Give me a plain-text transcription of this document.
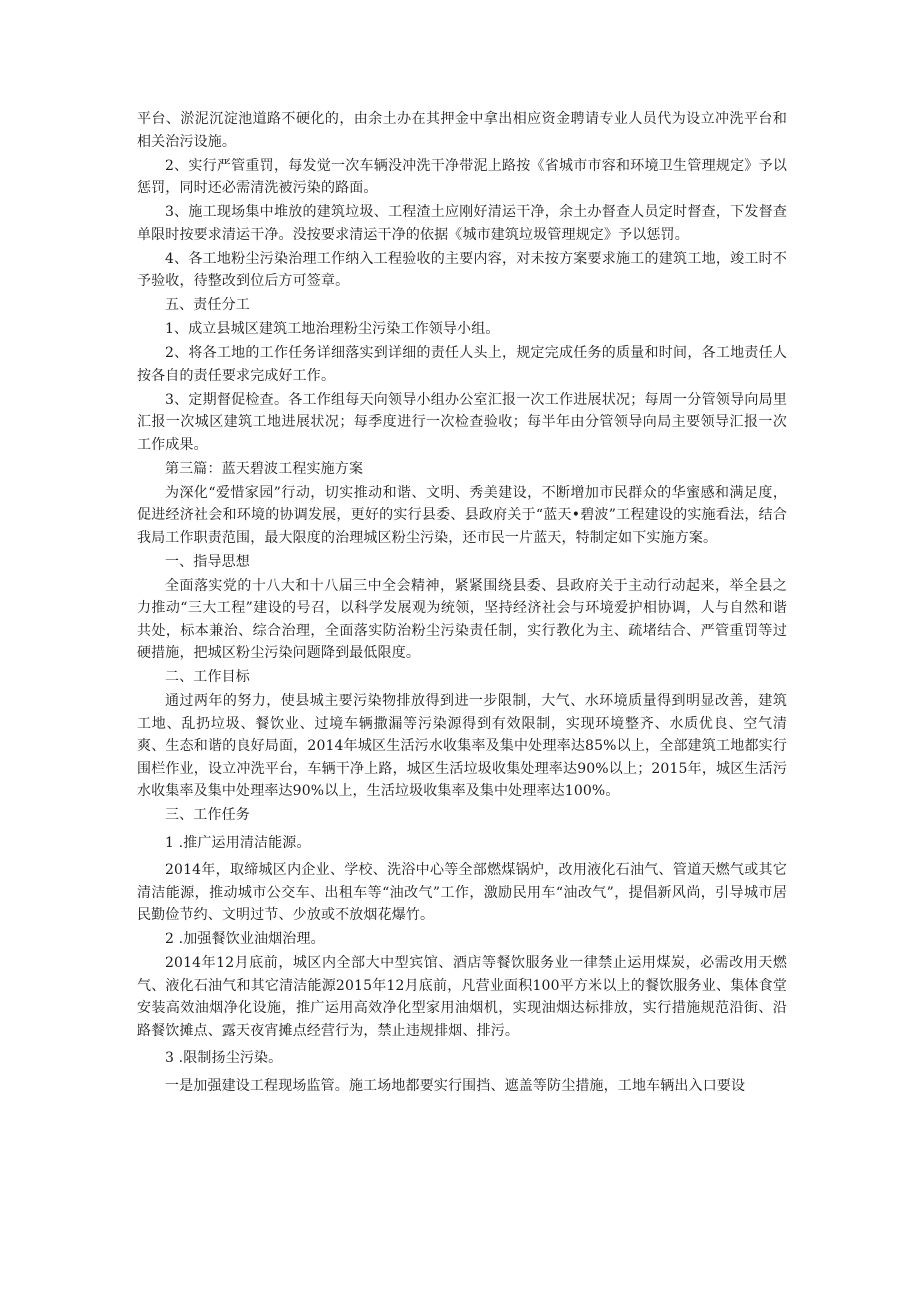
平台、淤泥沉淀池道路不硬化的，由余土办在其押金中拿出相应资金聘请专业人员代为设立冲洗平台和相关治污设施。

2、实行严管重罚，每发觉一次车辆没冲洗干净带泥上路按《省城市市容和环境卫生管理规定》予以惩罚，同时还必需清洗被污染的路面。

3、施工现场集中堆放的建筑垃圾、工程渣土应刚好清运干净，余土办督查人员定时督查，下发督查单限时按要求清运干净。没按要求清运干净的依据《城市建筑垃圾管理规定》予以惩罚。

4、各工地粉尘污染治理工作纳入工程验收的主要内容，对未按方案要求施工的建筑工地，竣工时不予验收，待整改到位后方可签章。

五、责任分工

1、成立县城区建筑工地治理粉尘污染工作领导小组。

2、将各工地的工作任务详细落实到详细的责任人头上，规定完成任务的质量和时间，各工地责任人按各自的责任要求完成好工作。

3、定期督促检查。各工作组每天向领导小组办公室汇报一次工作进展状况；每周一分管领导向局里汇报一次城区建筑工地进展状况；每季度进行一次检查验收；每半年由分管领导向局主要领导汇报一次工作成果。

第三篇：蓝天碧波工程实施方案

为深化“爱惜家园”行动，切实推动和谐、文明、秀美建设，不断增加市民群众的华蜜感和满足度，促进经济社会和环境的协调发展，更好的实行县委、县政府关于“蓝天•碧波”工程建设的实施看法，结合我局工作职责范围，最大限度的治理城区粉尘污染，还市民一片蓝天，特制定如下实施方案。

一、指导思想

全面落实党的十八大和十八届三中全会精神，紧紧围绕县委、县政府关于主动行动起来，举全县之力推动“三大工程”建设的号召，以科学发展观为统领，坚持经济社会与环境爱护相协调，人与自然和谐共处，标本兼治、综合治理，全面落实防治粉尘污染责任制，实行教化为主、疏堵结合、严管重罚等过硬措施，把城区粉尘污染问题降到最低限度。

二、工作目标

通过两年的努力，使县城主要污染物排放得到进一步限制，大气、水环境质量得到明显改善，建筑工地、乱扔垃圾、餐饮业、过境车辆撒漏等污染源得到有效限制，实现环境整齐、水质优良、空气清爽、生态和谐的良好局面，2014年城区生活污水收集率及集中处理率达85%以上，全部建筑工地都实行围栏作业，设立冲洗平台，车辆干净上路，城区生活垃圾收集处理率达90%以上；2015年，城区生活污水收集率及集中处理率达90%以上，生活垃圾收集率及集中处理率达100%。

三、工作任务

1 .推广运用清洁能源。

2014年，取缔城区内企业、学校、洗浴中心等全部燃煤锅炉，改用液化石油气、管道天燃气或其它清洁能源，推动城市公交车、出租车等“油改气”工作，激励民用车“油改气”，提倡新风尚，引导城市居民勤俭节约、文明过节、少放或不放烟花爆竹。

2 .加强餐饮业油烟治理。

2014年12月底前，城区内全部大中型宾馆、酒店等餐饮服务业一律禁止运用煤炭，必需改用天燃气、液化石油气和其它清洁能源2015年12月底前，凡营业面积100平方米以上的餐饮服务业、集体食堂安装高效油烟净化设施，推广运用高效净化型家用油烟机，实现油烟达标排放，实行措施规范沿街、沿路餐饮摊点、露天夜宵摊点经营行为，禁止违规排烟、排污。

3 .限制扬尘污染。

一是加强建设工程现场监管。施工场地都要实行围挡、遮盖等防尘措施，工地车辆出入口要设
